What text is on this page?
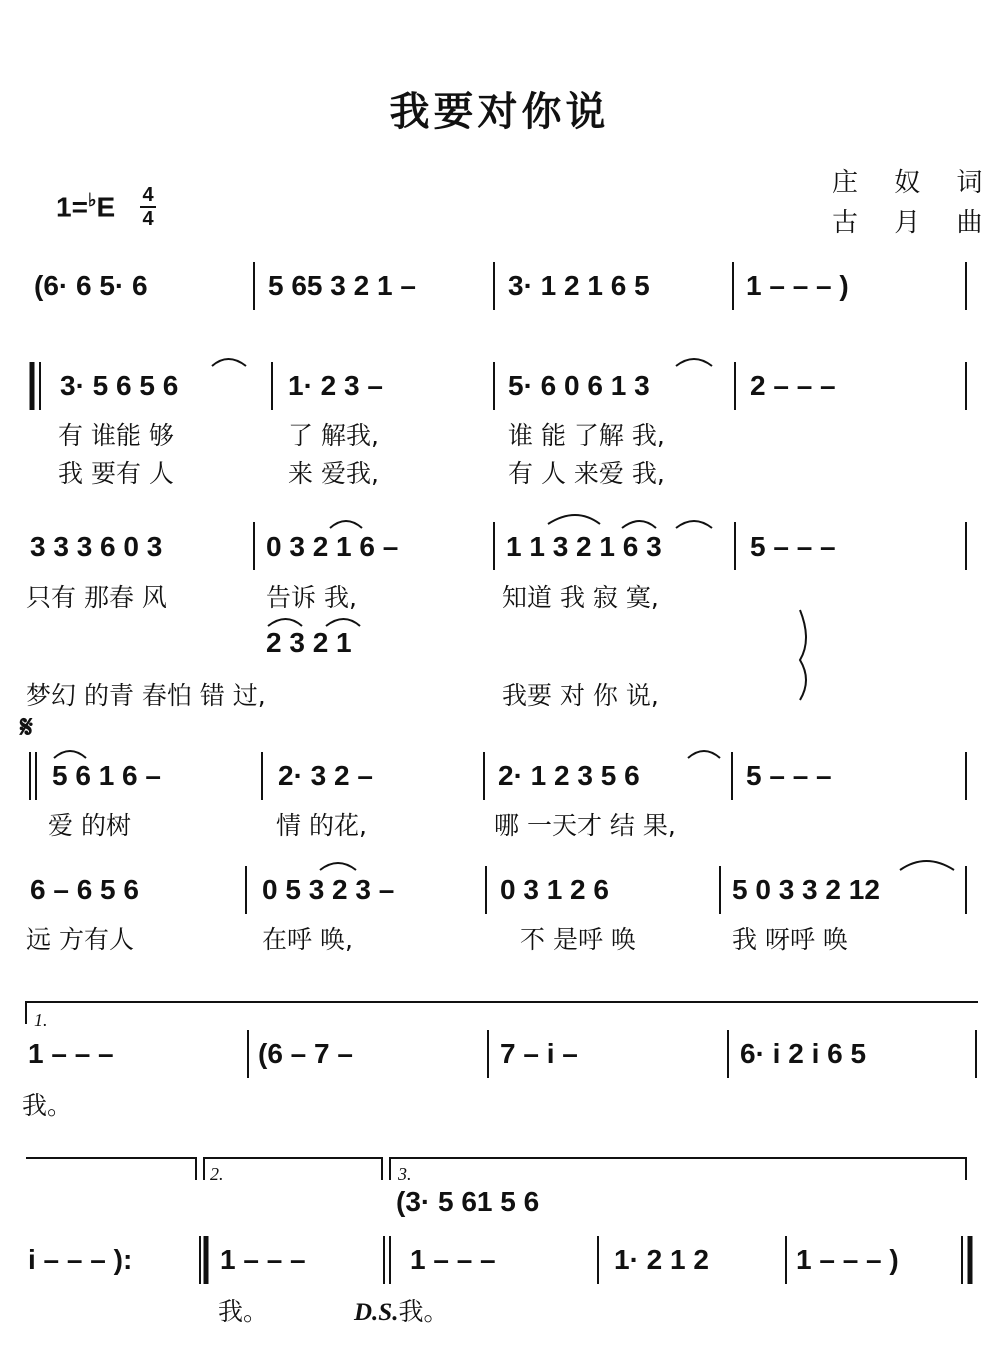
我要对你说
庄 奴 词
古 月 曲
1=♭E 4
4
(6· 6 5· 6	5 65 3 2 1 –	3· 1 2 1 6 5	1 – – – )
3· 5 6 5 6	1· 2 3 –	5· 6 0 6 1 3	2 – – –
有 谁能 够	了 解我,	谁 能 了解 我,
我 要有 人	来 爱我,	有 人 来爱 我,
3 3 3 6 0 3	0 3 2 1 6 –	1 1 3 2 1 6 3	5 – – –
只有 那春 风	告诉 我,	知道 我 寂 寞,
2 3 2 1
梦幻 的青 春怕 错 过,	我要 对 你 说,
𝄋
5 6 1 6 –	2· 3 2 –	2· 1 2 3 5 6	5 – – –
爱 的树	情 的花,	哪 一天才 结 果,
6 – 6 5 6	0 5 3 2 3 –	0 3 1 2 6	5 0 3 3 2 12
远 方有人	在呼 唤,	不 是呼 唤	我 呀呼 唤
1.
1 – – –	(6 – 7 –	7 – i –	6· i 2 i 6 5
我。
2.	3.
(3· 5 61 5 6
i – – – ):	1 – – –	1 – – –	1· 2 1 2	1 – – – )
我。	D.S.我。
